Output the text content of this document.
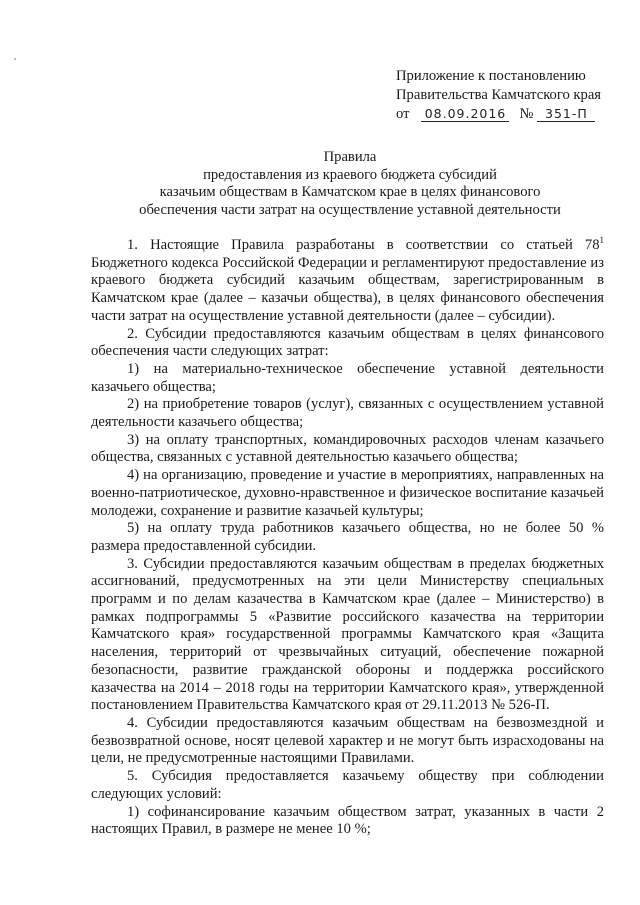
Приложение к постановлению
Правительства Камчатского края
от 08.09.2016 № 351-П
Правила
предоставления из краевого бюджета субсидий
казачьим обществам в Камчатском крае в целях финансового
обеспечения части затрат на осуществление уставной деятельности

1. Настоящие Правила разработаны в соответствии со статьей $78^1$ Бюджетного кодекса Российской Федерации и регламентируют предоставление из краевого бюджета субсидий казачьим обществам, зарегистрированным в Камчатском крае (далее – казачьи общества), в целях финансового обеспечения части затрат на осуществление уставной деятельности (далее – субсидии).

2. Субсидии предоставляются казачьим обществам в целях финансового обеспечения части следующих затрат:

1) на материально-техническое обеспечение уставной деятельности казачьего общества;

2) на приобретение товаров (услуг), связанных с осуществлением уставной деятельности казачьего общества;

3) на оплату транспортных, командировочных расходов членам казачьего общества, связанных с уставной деятельностью казачьего общества;

4) на организацию, проведение и участие в мероприятиях, направленных на военно-патриотическое, духовно-нравственное и физическое воспитание казачьей молодежи, сохранение и развитие казачьей культуры;

5) на оплату труда работников казачьего общества, но не более 50 % размера предоставленной субсидии.

3. Субсидии предоставляются казачьим обществам в пределах бюджетных ассигнований, предусмотренных на эти цели Министерству специальных программ и по делам казачества в Камчатском крае (далее – Министерство) в рамках подпрограммы 5 «Развитие российского казачества на территории Камчатского края» государственной программы Камчатского края «Защита населения, территорий от чрезвычайных ситуаций, обеспечение пожарной безопасности, развитие гражданской обороны и поддержка российского казачества на 2014 – 2018 годы на территории Камчатского края», утвержденной постановлением Правительства Камчатского края от 29.11.2013 № 526-П.

4. Субсидии предоставляются казачьим обществам на безвозмездной и безвозвратной основе, носят целевой характер и не могут быть израсходованы на цели, не предусмотренные настоящими Правилами.

5. Субсидия предоставляется казачьему обществу при соблюдении следующих условий:

1) софинансирование казачьим обществом затрат, указанных в части 2 настоящих Правил, в размере не менее 10 %;
